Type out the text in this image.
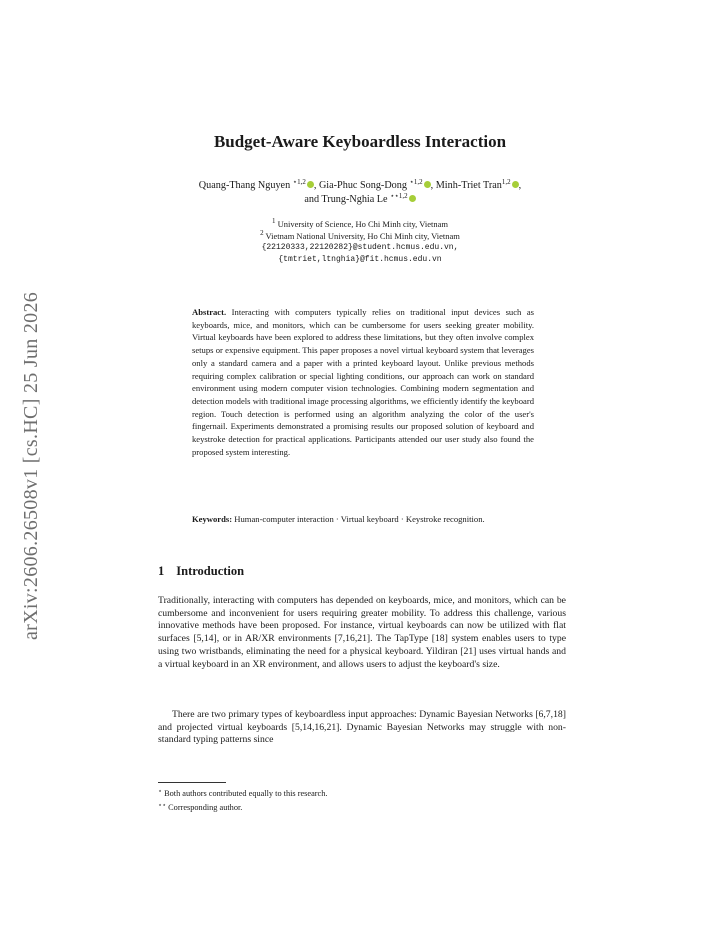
arXiv:2606.26508v1 [cs.HC] 25 Jun 2026
Budget-Aware Keyboardless Interaction
Quang-Thang Nguyen $^{⋆1,2}$ , Gia-Phuc Song-Dong $^{⋆1,2}$ , Minh-Triet Tran$^{1,2}$ ,
and Trung-Nghia Le $^{⋆⋆1,2}$
$^1$ University of Science, Ho Chi Minh city, Vietnam
$^2$ Vietnam National University, Ho Chi Minh city, Vietnam
{22120333,22120282}@student.hcmus.edu.vn,
{tmtriet,ltnghia}@fit.hcmus.edu.vn

Abstract. Interacting with computers typically relies on traditional input devices such as keyboards, mice, and monitors, which can be cumbersome for users seeking greater mobility. Virtual keyboards have been explored to address these limitations, but they often involve complex setups or expensive equipment. This paper proposes a novel virtual keyboard system that leverages only a standard camera and a paper with a printed keyboard layout. Unlike previous methods requiring complex calibration or special lighting conditions, our approach can work on standard environment using modern computer vision technologies. Combining modern segmentation and detection models with traditional image processing algorithms, we efficiently identify the keyboard region. Touch detection is performed using an algorithm analyzing the color of the user's fingernail. Experiments demonstrated a promising results our proposed solution of keyboard and keystroke detection for practical applications. Participants attended our user study also found the proposed system interesting.

Keywords: Human-computer interaction · Virtual keyboard · Keystroke recognition.

1 Introduction

Traditionally, interacting with computers has depended on keyboards, mice, and monitors, which can be cumbersome and inconvenient for users requiring greater mobility. To address this challenge, various innovative methods have been proposed. For instance, virtual keyboards can now be utilized with flat surfaces [5,14], or in AR/XR environments [7,16,21]. The TapType [18] system enables users to type using two wristbands, eliminating the need for a physical keyboard. Yildiran [21] uses virtual hands and a virtual keyboard in an XR environment, and allows users to adjust the keyboard's size.

There are two primary types of keyboardless input approaches: Dynamic Bayesian Networks [6,7,18] and projected virtual keyboards [5,14,16,21]. Dynamic Bayesian Networks may struggle with non-standard typing patterns since

⋆ Both authors contributed equally to this research.
⋆⋆ Corresponding author.
